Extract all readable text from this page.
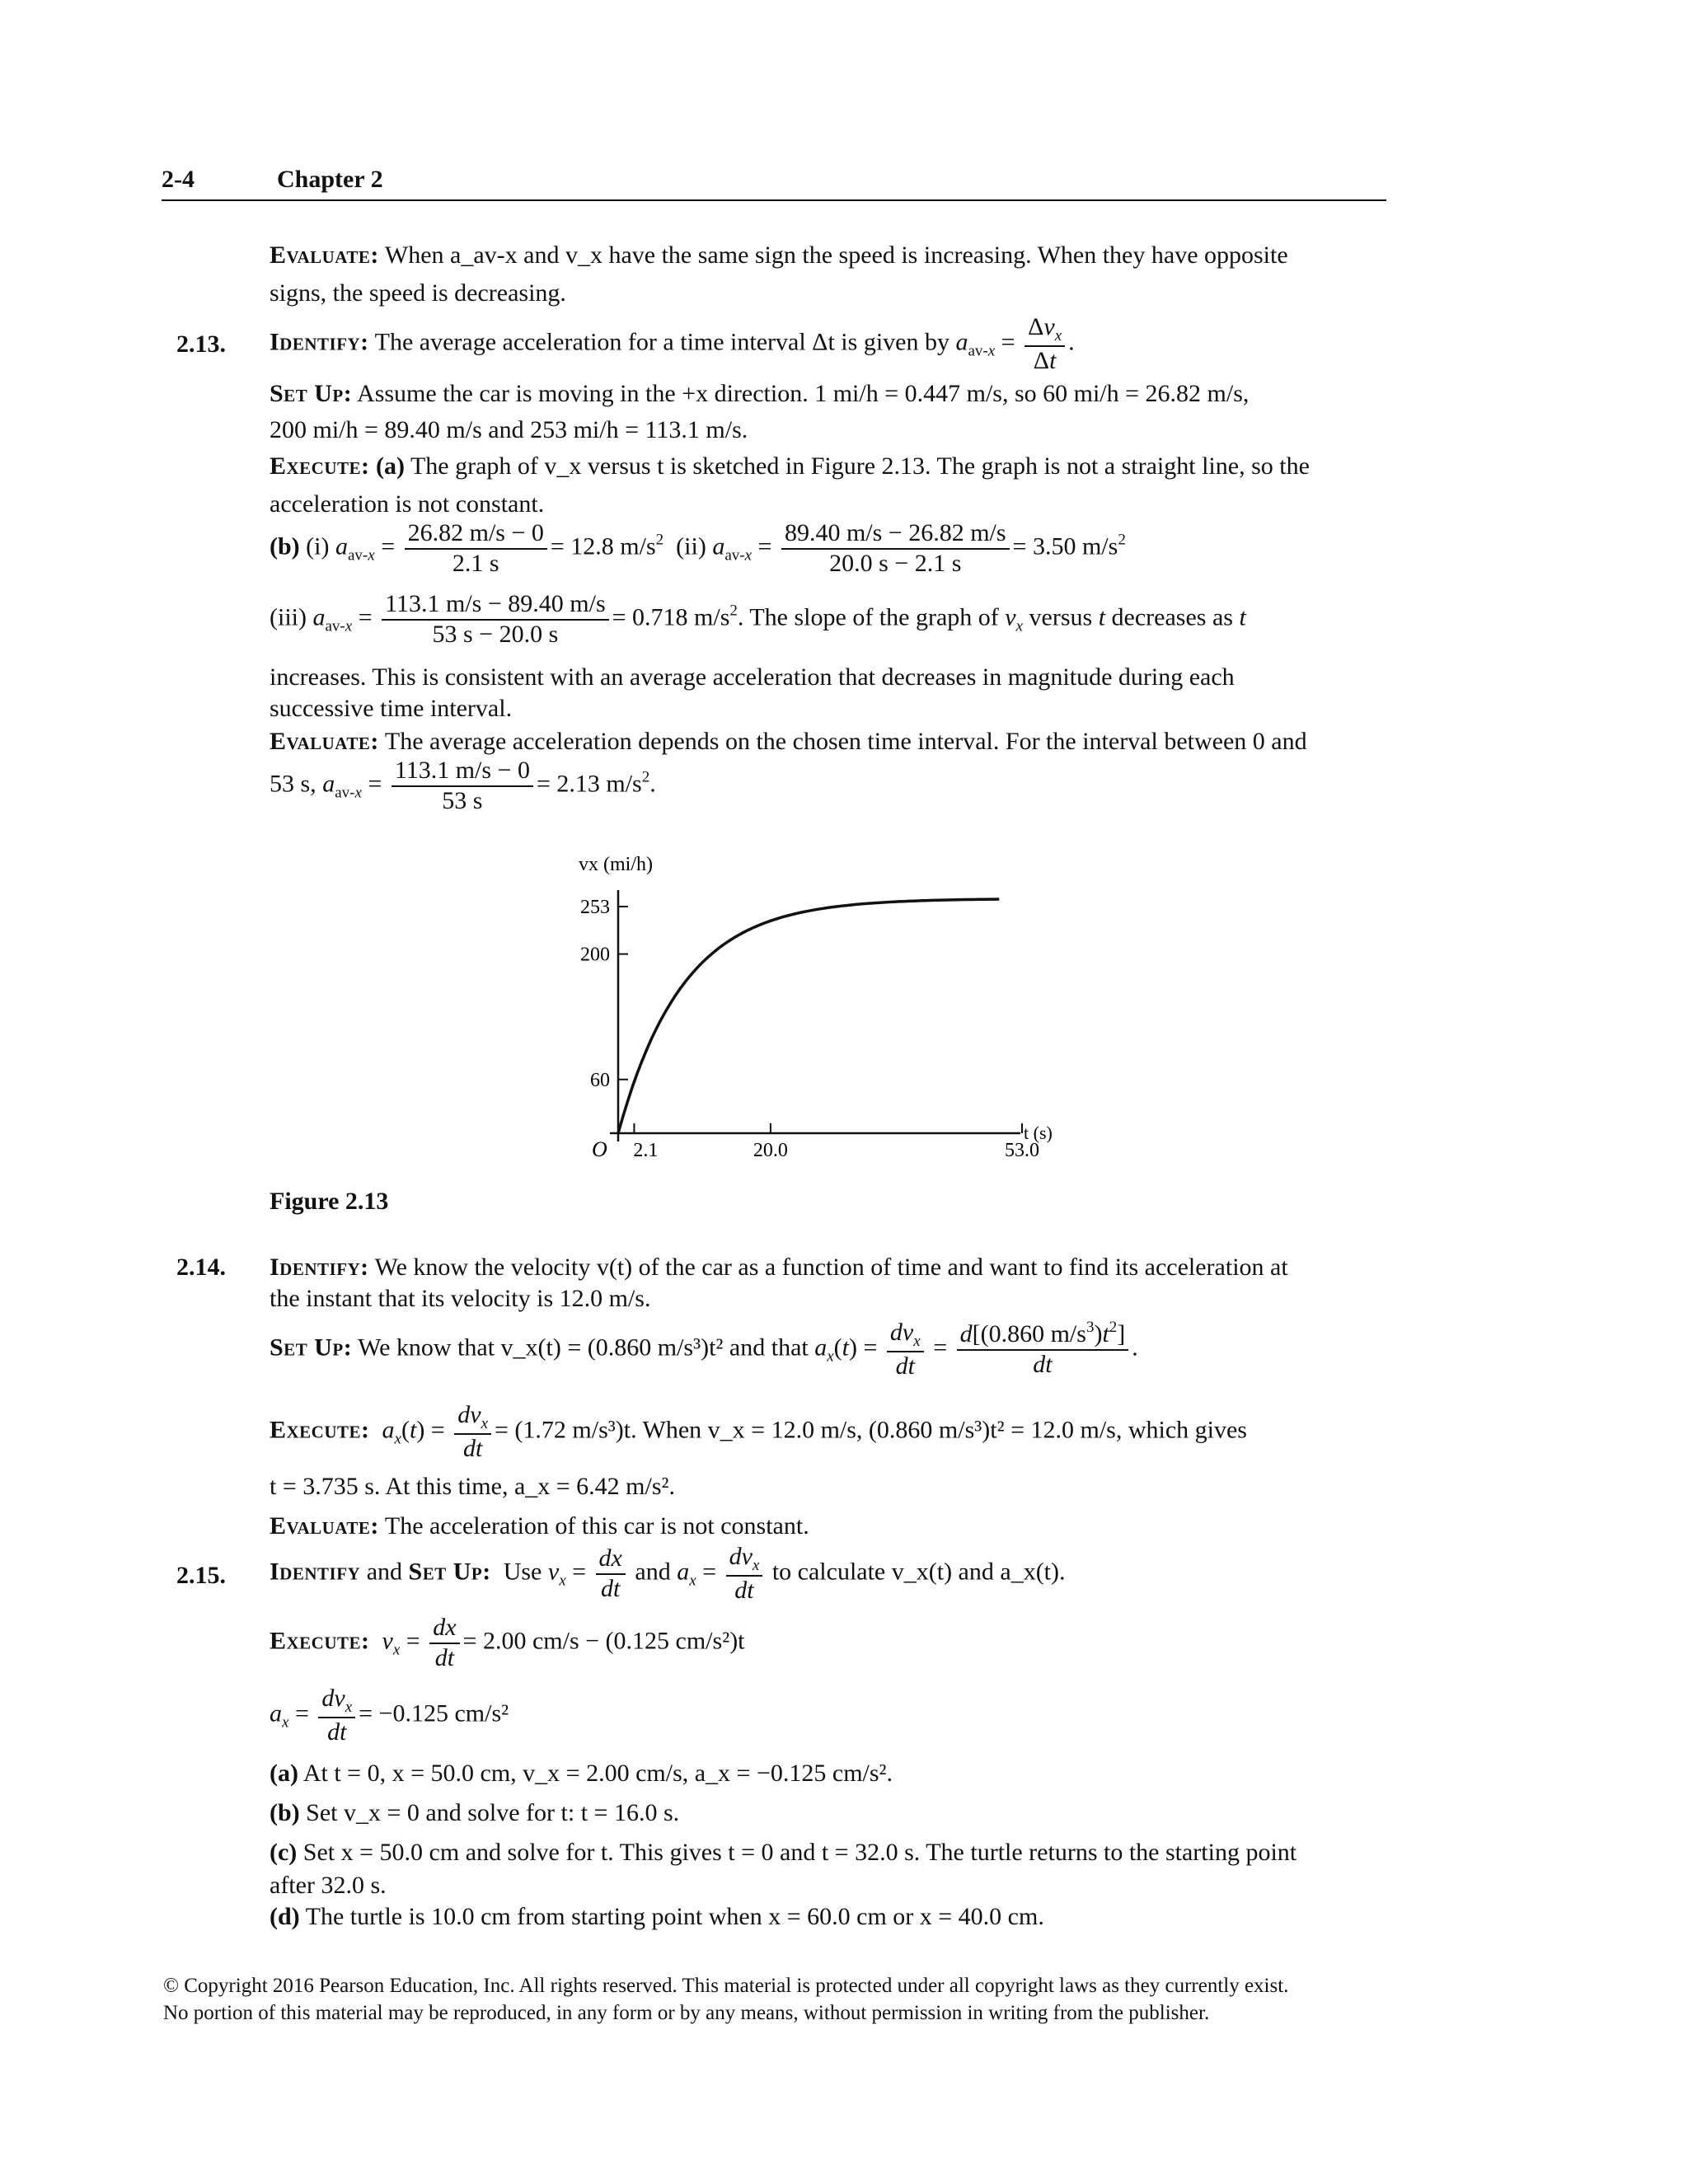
2-4	Chapter 2
Evaluate: When a_av-x and v_x have the same sign the speed is increasing. When they have opposite
signs, the speed is decreasing.
2.13. Identify: The average acceleration for a time interval Δt is given by $a_{av-x} = \frac{\Delta v_x}{\Delta t}$ .
Set Up: Assume the car is moving in the +x direction. 1 mi/h = 0.447 m/s, so 60 mi/h = 26.82 m/s,
200 mi/h = 89.40 m/s and 253 mi/h = 113.1 m/s.
Execute: (a) The graph of v_x versus t is sketched in Figure 2.13. The graph is not a straight line, so the
acceleration is not constant.
(b) (i) $a_{av-x} = \frac{26.82 m/s - 0}{2.1 s} = 12.8$ $m/s^2$  (ii) $a_{av-x} = \frac{89.40 m/s - 26.82 m/s}{20.0 s - 2.1 s} = 3.50$ $m/s^2$
(iii) $a_{av-x} = \frac{113.1 m/s - 89.40 m/s}{53 s - 20.0 s} = 0.718$ $m/s^2$. The slope of the graph of $v_x$ versus t decreases as t
increases. This is consistent with an average acceleration that decreases in magnitude during each
successive time interval.
Evaluate: The average acceleration depends on the chosen time interval. For the interval between 0 and
53 s, $a_{av-x} = \frac{113.1 m/s - 0}{53 s} = 2.13$ $m/s^2$.
vx (mi/h)
60
200
253
2.1	20.0	53.0
O
t (s)
Figure 2.13
2.14. Identify: We know the velocity v(t) of the car as a function of time and want to find its acceleration at
the instant that its velocity is 12.0 m/s.
Set Up: We know that v_x(t) = (0.860 m/s³)t² and that $a_x(t) = \frac{dv_x}{dt} = \frac{d[(0.860 m/s^3)t^2]}{dt}$ .
Execute: $a_x(t) = \frac{dv_x}{dt} = (1.72$ m/s³)t. When v_x = 12.0 m/s, (0.860 m/s³)t² = 12.0 m/s, which gives
t = 3.735 s. At this time, a_x = 6.42 m/s².
Evaluate: The acceleration of this car is not constant.
2.15. Identify and Set Up: Use $v_x = \frac{dx}{dt}$ and $a_x = \frac{dv_x}{dt}$ to calculate v_x(t) and a_x(t).
Execute: $v_x = \frac{dx}{dt} = 2.00$ cm/s − (0.125 cm/s²)t
$a_x = \frac{dv_x}{dt} = -0.125$ cm/s²
(a) At t = 0, x = 50.0 cm, v_x = 2.00 cm/s, a_x = −0.125 cm/s².
(b) Set v_x = 0 and solve for t: t = 16.0 s.
(c) Set x = 50.0 cm and solve for t. This gives t = 0 and t = 32.0 s. The turtle returns to the starting point
after 32.0 s.
(d) The turtle is 10.0 cm from starting point when x = 60.0 cm or x = 40.0 cm.
© Copyright 2016 Pearson Education, Inc. All rights reserved. This material is protected under all copyright laws as they currently exist.
No portion of this material may be reproduced, in any form or by any means, without permission in writing from the publisher.
